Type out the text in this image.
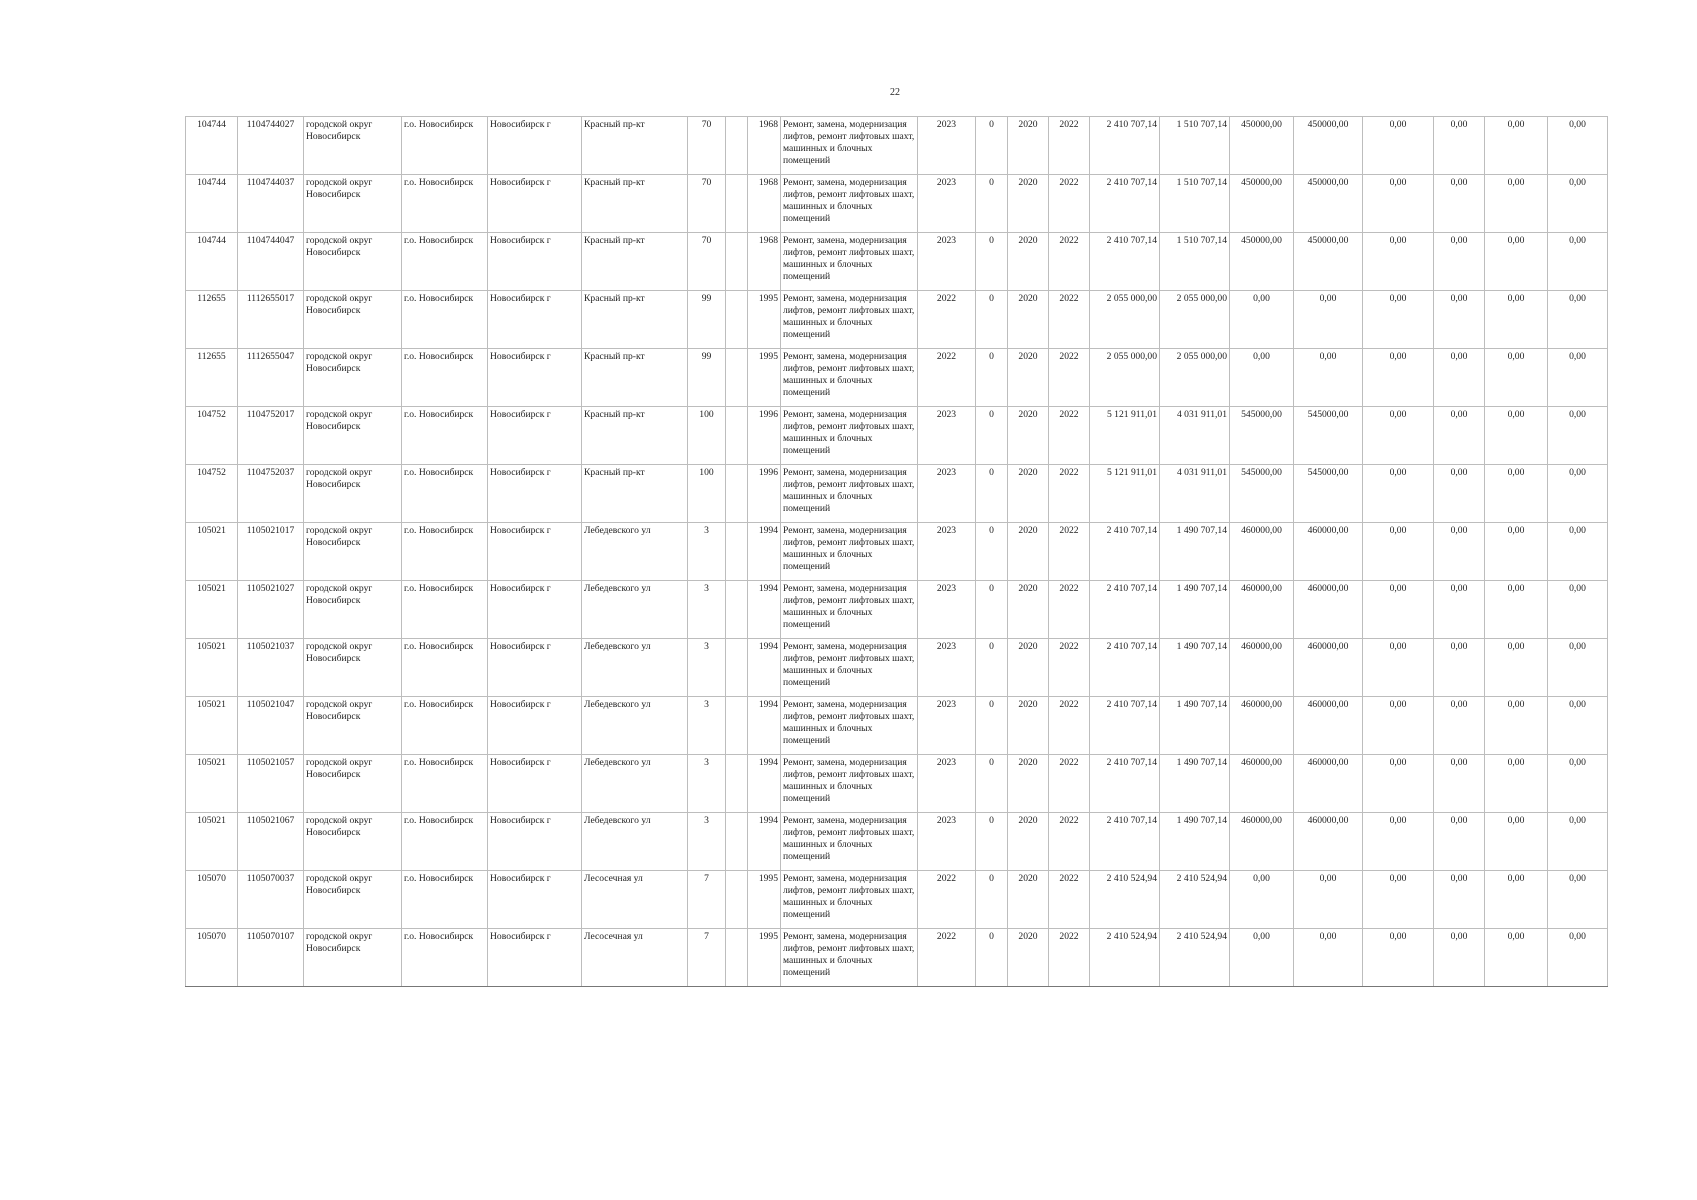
22
104744	1104744027	городской округ Новосибирск	г.о. Новосибирск	Новосибирск г	Красный пр-кт	70		1968	Ремонт, замена, модернизация лифтов, ремонт лифтовых шахт, машинных и блочных помещений	2023	0	2020	2022	2 410 707,14	1 510 707,14	450000,00	450000,00	0,00	0,00	0,00	0,00
104744	1104744037	городской округ Новосибирск	г.о. Новосибирск	Новосибирск г	Красный пр-кт	70		1968	Ремонт, замена, модернизация лифтов, ремонт лифтовых шахт, машинных и блочных помещений	2023	0	2020	2022	2 410 707,14	1 510 707,14	450000,00	450000,00	0,00	0,00	0,00	0,00
104744	1104744047	городской округ Новосибирск	г.о. Новосибирск	Новосибирск г	Красный пр-кт	70		1968	Ремонт, замена, модернизация лифтов, ремонт лифтовых шахт, машинных и блочных помещений	2023	0	2020	2022	2 410 707,14	1 510 707,14	450000,00	450000,00	0,00	0,00	0,00	0,00
112655	1112655017	городской округ Новосибирск	г.о. Новосибирск	Новосибирск г	Красный пр-кт	99		1995	Ремонт, замена, модернизация лифтов, ремонт лифтовых шахт, машинных и блочных помещений	2022	0	2020	2022	2 055 000,00	2 055 000,00	0,00	0,00	0,00	0,00	0,00	0,00
112655	1112655047	городской округ Новосибирск	г.о. Новосибирск	Новосибирск г	Красный пр-кт	99		1995	Ремонт, замена, модернизация лифтов, ремонт лифтовых шахт, машинных и блочных помещений	2022	0	2020	2022	2 055 000,00	2 055 000,00	0,00	0,00	0,00	0,00	0,00	0,00
104752	1104752017	городской округ Новосибирск	г.о. Новосибирск	Новосибирск г	Красный пр-кт	100		1996	Ремонт, замена, модернизация лифтов, ремонт лифтовых шахт, машинных и блочных помещений	2023	0	2020	2022	5 121 911,01	4 031 911,01	545000,00	545000,00	0,00	0,00	0,00	0,00
104752	1104752037	городской округ Новосибирск	г.о. Новосибирск	Новосибирск г	Красный пр-кт	100		1996	Ремонт, замена, модернизация лифтов, ремонт лифтовых шахт, машинных и блочных помещений	2023	0	2020	2022	5 121 911,01	4 031 911,01	545000,00	545000,00	0,00	0,00	0,00	0,00
105021	1105021017	городской округ Новосибирск	г.о. Новосибирск	Новосибирск г	Лебедевского ул	3		1994	Ремонт, замена, модернизация лифтов, ремонт лифтовых шахт, машинных и блочных помещений	2023	0	2020	2022	2 410 707,14	1 490 707,14	460000,00	460000,00	0,00	0,00	0,00	0,00
105021	1105021027	городской округ Новосибирск	г.о. Новосибирск	Новосибирск г	Лебедевского ул	3		1994	Ремонт, замена, модернизация лифтов, ремонт лифтовых шахт, машинных и блочных помещений	2023	0	2020	2022	2 410 707,14	1 490 707,14	460000,00	460000,00	0,00	0,00	0,00	0,00
105021	1105021037	городской округ Новосибирск	г.о. Новосибирск	Новосибирск г	Лебедевского ул	3		1994	Ремонт, замена, модернизация лифтов, ремонт лифтовых шахт, машинных и блочных помещений	2023	0	2020	2022	2 410 707,14	1 490 707,14	460000,00	460000,00	0,00	0,00	0,00	0,00
105021	1105021047	городской округ Новосибирск	г.о. Новосибирск	Новосибирск г	Лебедевского ул	3		1994	Ремонт, замена, модернизация лифтов, ремонт лифтовых шахт, машинных и блочных помещений	2023	0	2020	2022	2 410 707,14	1 490 707,14	460000,00	460000,00	0,00	0,00	0,00	0,00
105021	1105021057	городской округ Новосибирск	г.о. Новосибирск	Новосибирск г	Лебедевского ул	3		1994	Ремонт, замена, модернизация лифтов, ремонт лифтовых шахт, машинных и блочных помещений	2023	0	2020	2022	2 410 707,14	1 490 707,14	460000,00	460000,00	0,00	0,00	0,00	0,00
105021	1105021067	городской округ Новосибирск	г.о. Новосибирск	Новосибирск г	Лебедевского ул	3		1994	Ремонт, замена, модернизация лифтов, ремонт лифтовых шахт, машинных и блочных помещений	2023	0	2020	2022	2 410 707,14	1 490 707,14	460000,00	460000,00	0,00	0,00	0,00	0,00
105070	1105070037	городской округ Новосибирск	г.о. Новосибирск	Новосибирск г	Лесосечная ул	7		1995	Ремонт, замена, модернизация лифтов, ремонт лифтовых шахт, машинных и блочных помещений	2022	0	2020	2022	2 410 524,94	2 410 524,94	0,00	0,00	0,00	0,00	0,00	0,00
105070	1105070107	городской округ Новосибирск	г.о. Новосибирск	Новосибирск г	Лесосечная ул	7		1995	Ремонт, замена, модернизация лифтов, ремонт лифтовых шахт, машинных и блочных помещений	2022	0	2020	2022	2 410 524,94	2 410 524,94	0,00	0,00	0,00	0,00	0,00	0,00
